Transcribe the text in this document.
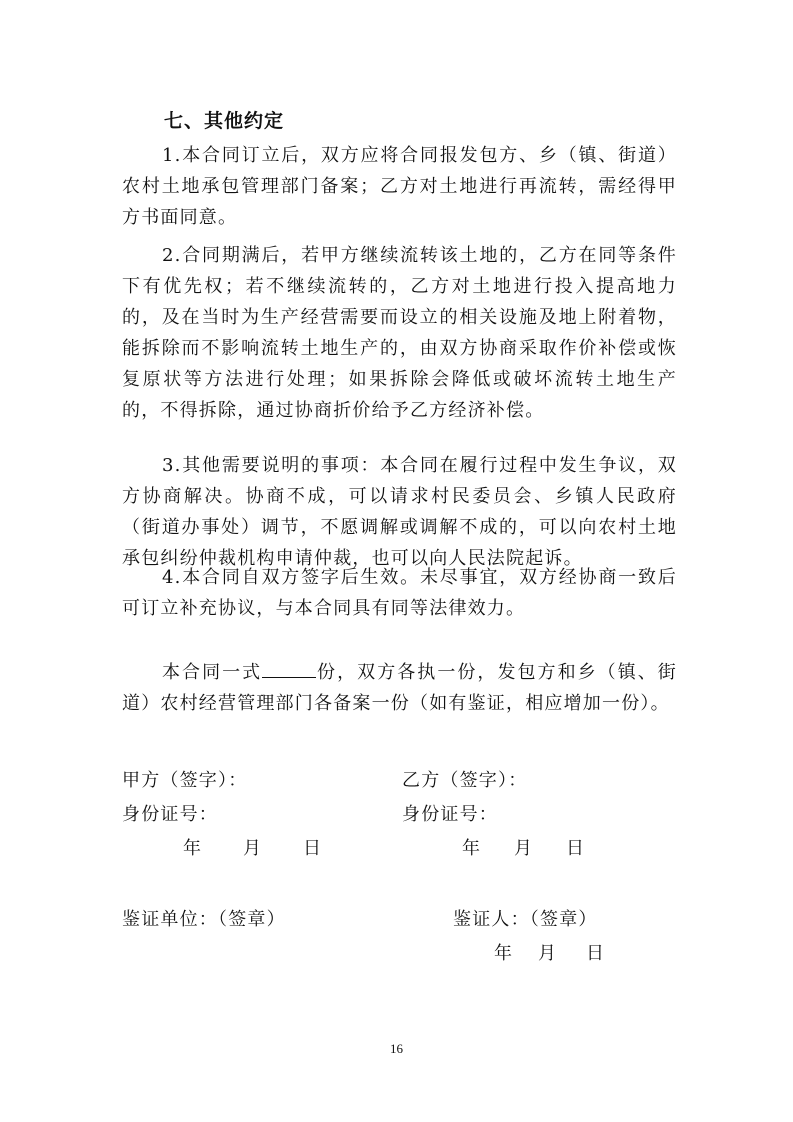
七、其他约定

1.本合同订立后，双方应将合同报发包方、乡（镇、街道）农村土地承包管理部门备案；乙方对土地进行再流转，需经得甲方书面同意。

2.合同期满后，若甲方继续流转该土地的，乙方在同等条件下有优先权；若不继续流转的，乙方对土地进行投入提高地力的，及在当时为生产经营需要而设立的相关设施及地上附着物，能拆除而不影响流转土地生产的，由双方协商采取作价补偿或恢复原状等方法进行处理；如果拆除会降低或破坏流转土地生产的，不得拆除，通过协商折价给予乙方经济补偿。

3.其他需要说明的事项：本合同在履行过程中发生争议，双方协商解决。协商不成，可以请求村民委员会、乡镇人民政府（街道办事处）调节，不愿调解或调解不成的，可以向农村土地承包纠纷仲裁机构申请仲裁，也可以向人民法院起诉。

4.本合同自双方签字后生效。未尽事宜，双方经协商一致后可订立补充协议，与本合同具有同等法律效力。

本合同一式	份，双方各执一份，发包方和乡（镇、街道）农村经营管理部门各备案一份（如有鉴证，相应增加一份）。

甲方（签字）：	乙方（签字）：
身份证号：	身份证号：
年 月 日	年 月 日
鉴证单位：（签章）	鉴证人：（签章）
年 月 日
16
